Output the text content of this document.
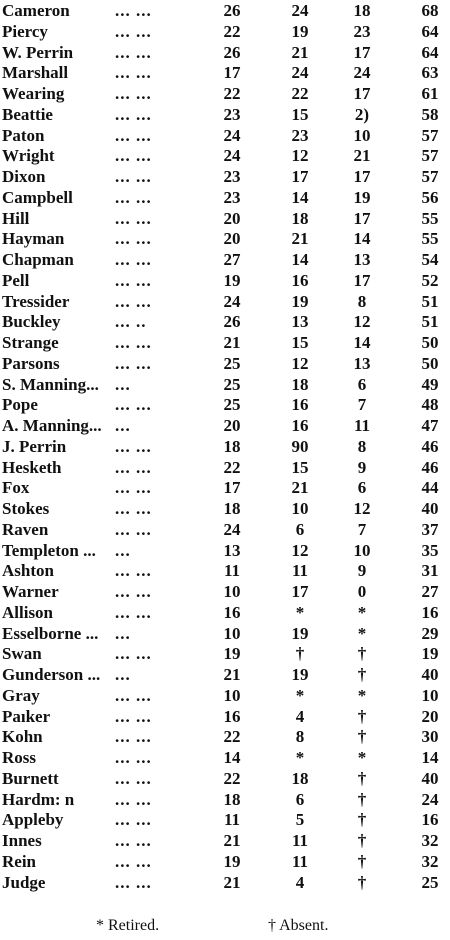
Cameron	... ...	26	24	18	68
Piercy	... ...	22	19	23	64
W. Perrin	... ...	26	21	17	64
Marshall	... ...	17	24	24	63
Wearing	... ...	22	22	17	61
Beattie	... ...	23	15	2)	58
Paton	... ...	24	23	10	57
Wright	... ...	24	12	21	57
Dixon	... ...	23	17	17	57
Campbell	... ...	23	14	19	56
Hill	... ...	20	18	17	55
Hayman	... ...	20	21	14	55
Chapman	... ...	27	14	13	54
Pell	... ...	19	16	17	52
Tressider	... ...	24	19	8	51
Buckley	... ..	26	13	12	51
Strange	... ...	21	15	14	50
Parsons	... ...	25	12	13	50
S. Manning... ...	25	18	6	49
Pope	... ...	25	16	7	48
A. Manning... ...	20	16	11	47
J. Perrin	... ...	18	90	8	46
Hesketh	... ...	22	15	9	46
Fox	... ...	17	21	6	44
Stokes	... ...	18	10	12	40
Raven	... ...	24	6	7	37
Templeton ...	...	13	12	10	35
Ashton	... ...	11	11	9	31
Warner	... ...	10	17	0	27
Allison	... ...	16	*	*	16
Esselborne ... ...	10	19	*	29
Swan	... ...	19	†	†	19
Gunderson ... ...	21	19	†	40
Gray	... ...	10	*	*	10
Paıker	... ...	16	4	†	20
Kohn	... ...	22	8	†	30
Ross	... ...	14	*	*	14
Burnett	... ...	22	18	†	40
Hardm: n	... ...	18	6	†	24
Appleby	... ...	11	5	†	16
Innes	... ...	21	11	†	32
Rein	... ...	19	11	†	32
Judge	... ...	21	4	†	25
* Retired.	† Absent.
